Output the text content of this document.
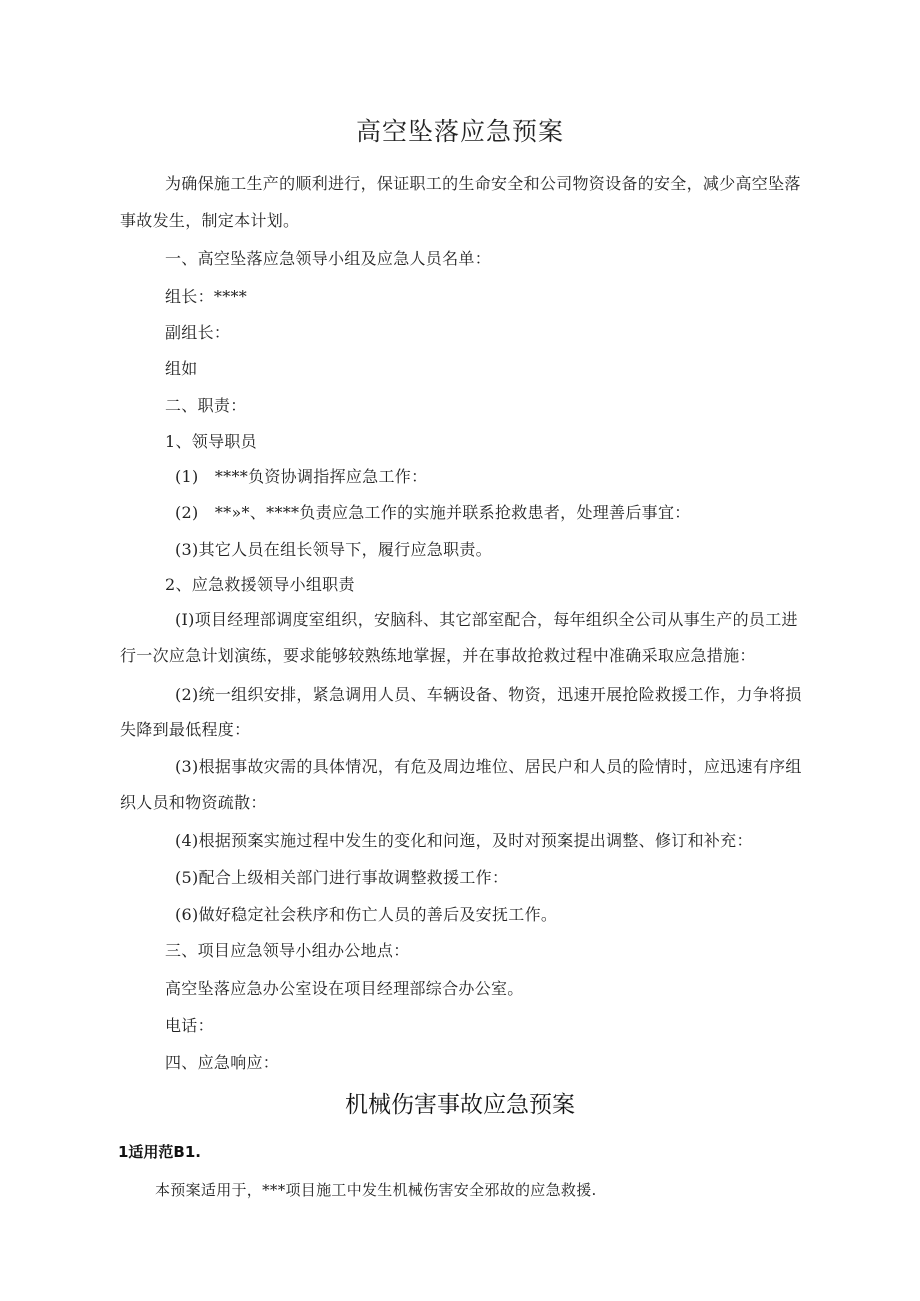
高空坠落应急预案
为确保施工生产的顺利进行，保证职工的生命安全和公司物资设备的安全，减少高空坠落
事故发生，制定本计划。
一、高空坠落应急领导小组及应急人员名单：
组长：****
副组长：
组如
二、职责：
1、领导职员
(1)　****负资协调指挥应急工作：
(2)　**»*、****负责应急工作的实施并联系抢救患者，处理善后事宜：
(3)其它人员在组长领导下，履行应急职责。
2、应急救援领导小组职责
(I)项目经理部调度室组织，安脑科、其它部室配合，每年组织全公司从事生产的员工进
行一次应急计划演练，要求能够较熟练地掌握，并在事故抢救过程中准确采取应急措施：
(2)统一组织安排，紧急调用人员、车辆设备、物资，迅速开展抢险救援工作，力争将损
失降到最低程度：
(3)根据事故灾需的具体情况，有危及周边堆位、居民户和人员的险情时，应迅速有序组
织人员和物资疏散：
(4)根据预案实施过程中发生的变化和问迤，及时对预案提出调整、修订和补充：
(5)配合上级相关部门进行事故调整救援工作：
(6)做好稳定社会秩序和伤亡人员的善后及安抚工作。
三、项目应急领导小组办公地点：
高空坠落应急办公室设在项目经理部综合办公室。
电话：
四、应急响应：
机械伤害事故应急预案
1适用范B1.
本预案适用于，***项目施工中发生机械伤害安全邪故的应急救援.
